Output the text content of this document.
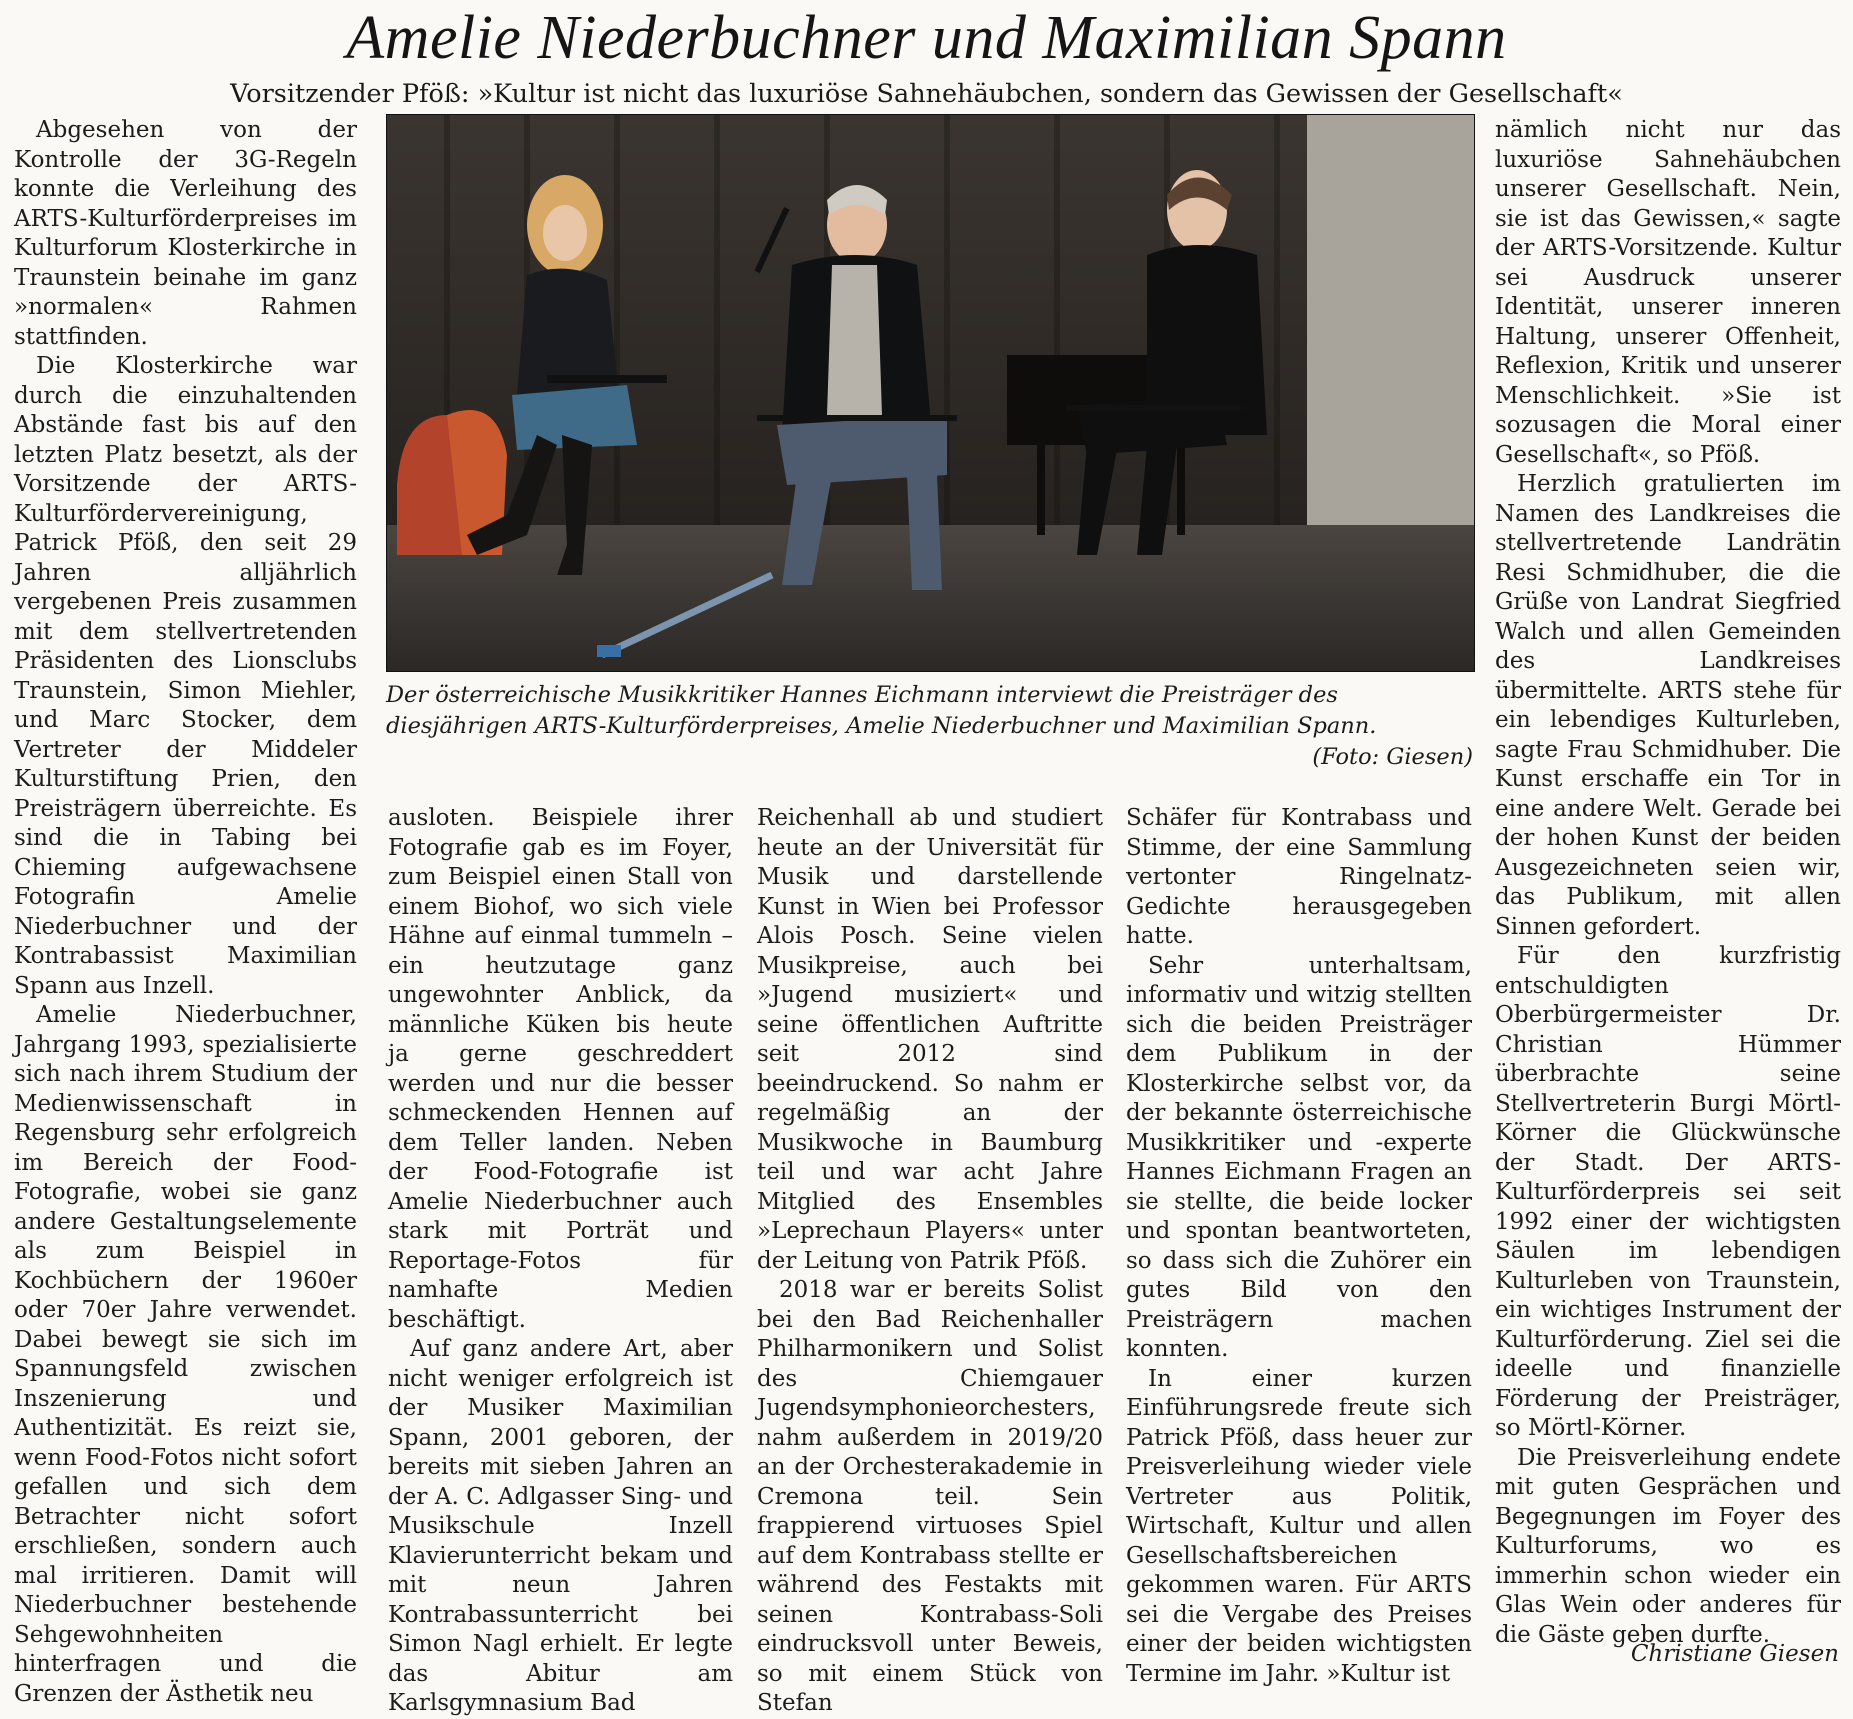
Amelie Niederbuchner und Maximilian Spann
Vorsitzender Pföß: »Kultur ist nicht das luxuriöse Sahnehäubchen, sondern das Gewissen der Gesellschaft«

Abgesehen von der Kontrolle der 3G-Regeln konnte die Verleihung des ARTS-Kulturförderpreises im Kulturforum Klosterkirche in Traunstein beinahe im ganz »normalen« Rahmen stattfinden.

Die Klosterkirche war durch die einzuhaltenden Abstände fast bis auf den letzten Platz besetzt, als der Vorsitzende der ARTS-Kulturfördervereinigung, Patrick Pföß, den seit 29 Jahren alljährlich vergebenen Preis zusammen mit dem stellvertretenden Präsidenten des Lionsclubs Traunstein, Simon Miehler, und Marc Stocker, dem Vertreter der Middeler Kulturstiftung Prien, den Preisträgern überreichte. Es sind die in Tabing bei Chieming aufgewachsene Fotografin Amelie Niederbuchner und der Kontrabassist Maximilian Spann aus Inzell.

Amelie Niederbuchner, Jahrgang 1993, spezialisierte sich nach ihrem Studium der Medienwissenschaft in Regensburg sehr erfolgreich im Bereich der Food-Fotografie, wobei sie ganz andere Gestaltungselemente als zum Beispiel in Kochbüchern der 1960er oder 70er Jahre verwendet. Dabei bewegt sie sich im Spannungsfeld zwischen Inszenierung und Authentizität. Es reizt sie, wenn Food-Fotos nicht sofort gefallen und sich dem Betrachter nicht sofort erschließen, sondern auch mal irritieren. Damit will Niederbuchner bestehende Sehgewohnheiten hinterfragen und die Grenzen der Ästhetik neu

Der österreichische Musikkritiker Hannes Eichmann interviewt die Preisträger des diesjährigen ARTS-Kulturförderpreises, Amelie Niederbuchner und Maximilian Spann.
(Foto: Giesen)

ausloten. Beispiele ihrer Fotografie gab es im Foyer, zum Beispiel einen Stall von einem Biohof, wo sich viele Hähne auf einmal tummeln – ein heutzutage ganz ungewohnter Anblick, da männliche Küken bis heute ja gerne geschreddert werden und nur die besser schmeckenden Hennen auf dem Teller landen. Neben der Food-Fotografie ist Amelie Niederbuchner auch stark mit Porträt und Reportage-Fotos für namhafte Medien beschäftigt.

Auf ganz andere Art, aber nicht weniger erfolgreich ist der Musiker Maximilian Spann, 2001 geboren, der bereits mit sieben Jahren an der A. C. Adlgasser Sing- und Musikschule Inzell Klavierunterricht bekam und mit neun Jahren Kontrabassunterricht bei Simon Nagl erhielt. Er legte das Abitur am Karlsgymnasium Bad

Reichenhall ab und studiert heute an der Universität für Musik und darstellende Kunst in Wien bei Professor Alois Posch. Seine vielen Musikpreise, auch bei »Jugend musiziert« und seine öffentlichen Auftritte seit 2012 sind beeindruckend. So nahm er regelmäßig an der Musikwoche in Baumburg teil und war acht Jahre Mitglied des Ensembles »Leprechaun Players« unter der Leitung von Patrik Pföß.

2018 war er bereits Solist bei den Bad Reichenhaller Philharmonikern und Solist des Chiemgauer Jugendsymphonieorchesters, nahm außerdem in 2019/20 an der Orchesterakademie in Cremona teil. Sein frappierend virtuoses Spiel auf dem Kontrabass stellte er während des Festakts mit seinen Kontrabass-Soli eindrucksvoll unter Beweis, so mit einem Stück von Stefan

Schäfer für Kontrabass und Stimme, der eine Sammlung vertonter Ringelnatz-Gedichte herausgegeben hatte.

Sehr unterhaltsam, informativ und witzig stellten sich die beiden Preisträger dem Publikum in der Klosterkirche selbst vor, da der bekannte österreichische Musikkritiker und -experte Hannes Eichmann Fragen an sie stellte, die beide locker und spontan beantworteten, so dass sich die Zuhörer ein gutes Bild von den Preisträgern machen konnten.

In einer kurzen Einführungsrede freute sich Patrick Pföß, dass heuer zur Preisverleihung wieder viele Vertreter aus Politik, Wirtschaft, Kultur und allen Gesellschaftsbereichen gekommen waren. Für ARTS sei die Vergabe des Preises einer der beiden wichtigsten Termine im Jahr. »Kultur ist

nämlich nicht nur das luxuriöse Sahnehäubchen unserer Gesellschaft. Nein, sie ist das Gewissen,« sagte der ARTS-Vorsitzende. Kultur sei Ausdruck unserer Identität, unserer inneren Haltung, unserer Offenheit, Reflexion, Kritik und unserer Menschlichkeit. »Sie ist sozusagen die Moral einer Gesellschaft«, so Pföß.

Herzlich gratulierten im Namen des Landkreises die stellvertretende Landrätin Resi Schmidhuber, die die Grüße von Landrat Siegfried Walch und allen Gemeinden des Landkreises übermittelte. ARTS stehe für ein lebendiges Kulturleben, sagte Frau Schmidhuber. Die Kunst erschaffe ein Tor in eine andere Welt. Gerade bei der hohen Kunst der beiden Ausgezeichneten seien wir, das Publikum, mit allen Sinnen gefordert.

Für den kurzfristig entschuldigten Oberbürgermeister Dr. Christian Hümmer überbrachte seine Stellvertreterin Burgi Mörtl-Körner die Glückwünsche der Stadt. Der ARTS-Kulturförderpreis sei seit 1992 einer der wichtigsten Säulen im lebendigen Kulturleben von Traunstein, ein wichtiges Instrument der Kulturförderung. Ziel sei die ideelle und finanzielle Förderung der Preisträger, so Mörtl-Körner.

Die Preisverleihung endete mit guten Gesprächen und Begegnungen im Foyer des Kulturforums, wo es immerhin schon wieder ein Glas Wein oder anderes für die Gäste geben durfte.

Christiane Giesen
